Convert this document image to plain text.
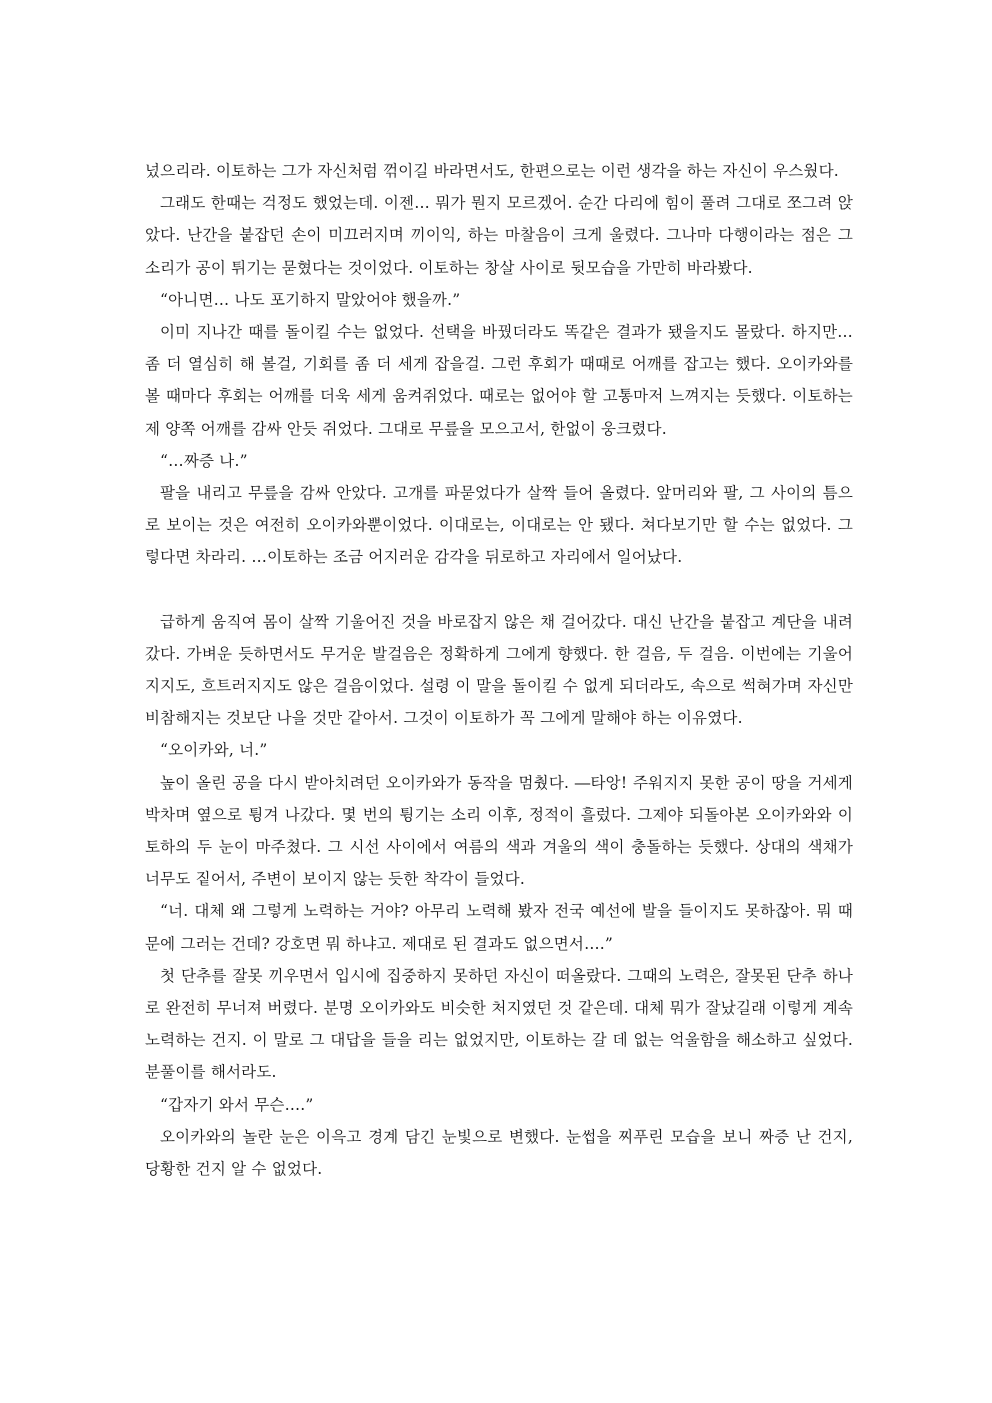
넜으리라. 이토하는 그가 자신처럼 꺾이길 바라면서도, 한편으로는 이런 생각을 하는 자신이 우스웠다.

그래도 한때는 걱정도 했었는데. 이젠… 뭐가 뭔지 모르겠어. 순간 다리에 힘이 풀려 그대로 쪼그려 앉았다. 난간을 붙잡던 손이 미끄러지며 끼이익, 하는 마찰음이 크게 울렸다. 그나마 다행이라는 점은 그 소리가 공이 튀기는 묻혔다는 것이었다. 이토하는 창살 사이로 뒷모습을 가만히 바라봤다.

“아니면… 나도 포기하지 말았어야 했을까.”

이미 지나간 때를 돌이킬 수는 없었다. 선택을 바꿨더라도 똑같은 결과가 됐을지도 몰랐다. 하지만… 좀 더 열심히 해 볼걸, 기회를 좀 더 세게 잡을걸. 그런 후회가 때때로 어깨를 잡고는 했다. 오이카와를 볼 때마다 후회는 어깨를 더욱 세게 움켜쥐었다. 때로는 없어야 할 고통마저 느껴지는 듯했다. 이토하는 제 양쪽 어깨를 감싸 안듯 쥐었다. 그대로 무릎을 모으고서, 한없이 웅크렸다.

“…짜증 나.”

팔을 내리고 무릎을 감싸 안았다. 고개를 파묻었다가 살짝 들어 올렸다. 앞머리와 팔, 그 사이의 틈으로 보이는 것은 여전히 오이카와뿐이었다. 이대로는, 이대로는 안 됐다. 쳐다보기만 할 수는 없었다. 그렇다면 차라리. …이토하는 조금 어지러운 감각을 뒤로하고 자리에서 일어났다.

급하게 움직여 몸이 살짝 기울어진 것을 바로잡지 않은 채 걸어갔다. 대신 난간을 붙잡고 계단을 내려갔다. 가벼운 듯하면서도 무거운 발걸음은 정확하게 그에게 향했다. 한 걸음, 두 걸음. 이번에는 기울어지지도, 흐트러지지도 않은 걸음이었다. 설령 이 말을 돌이킬 수 없게 되더라도, 속으로 썩혀가며 자신만 비참해지는 것보단 나을 것만 같아서. 그것이 이토하가 꼭 그에게 말해야 하는 이유였다.

“오이카와, 너.”

높이 올린 공을 다시 받아치려던 오이카와가 동작을 멈췄다. ―타앙! 주워지지 못한 공이 땅을 거세게 박차며 옆으로 튕겨 나갔다. 몇 번의 튕기는 소리 이후, 정적이 흘렀다. 그제야 되돌아본 오이카와와 이토하의 두 눈이 마주쳤다. 그 시선 사이에서 여름의 색과 겨울의 색이 충돌하는 듯했다. 상대의 색채가 너무도 짙어서, 주변이 보이지 않는 듯한 착각이 들었다.

“너. 대체 왜 그렇게 노력하는 거야? 아무리 노력해 봤자 전국 예선에 발을 들이지도 못하잖아. 뭐 때문에 그러는 건데? 강호면 뭐 하냐고. 제대로 된 결과도 없으면서….”

첫 단추를 잘못 끼우면서 입시에 집중하지 못하던 자신이 떠올랐다. 그때의 노력은, 잘못된 단추 하나로 완전히 무너져 버렸다. 분명 오이카와도 비슷한 처지였던 것 같은데. 대체 뭐가 잘났길래 이렇게 계속 노력하는 건지. 이 말로 그 대답을 들을 리는 없었지만, 이토하는 갈 데 없는 억울함을 해소하고 싶었다. 분풀이를 해서라도.

“갑자기 와서 무슨….”

오이카와의 놀란 눈은 이윽고 경계 담긴 눈빛으로 변했다. 눈썹을 찌푸린 모습을 보니 짜증 난 건지, 당황한 건지 알 수 없었다.
